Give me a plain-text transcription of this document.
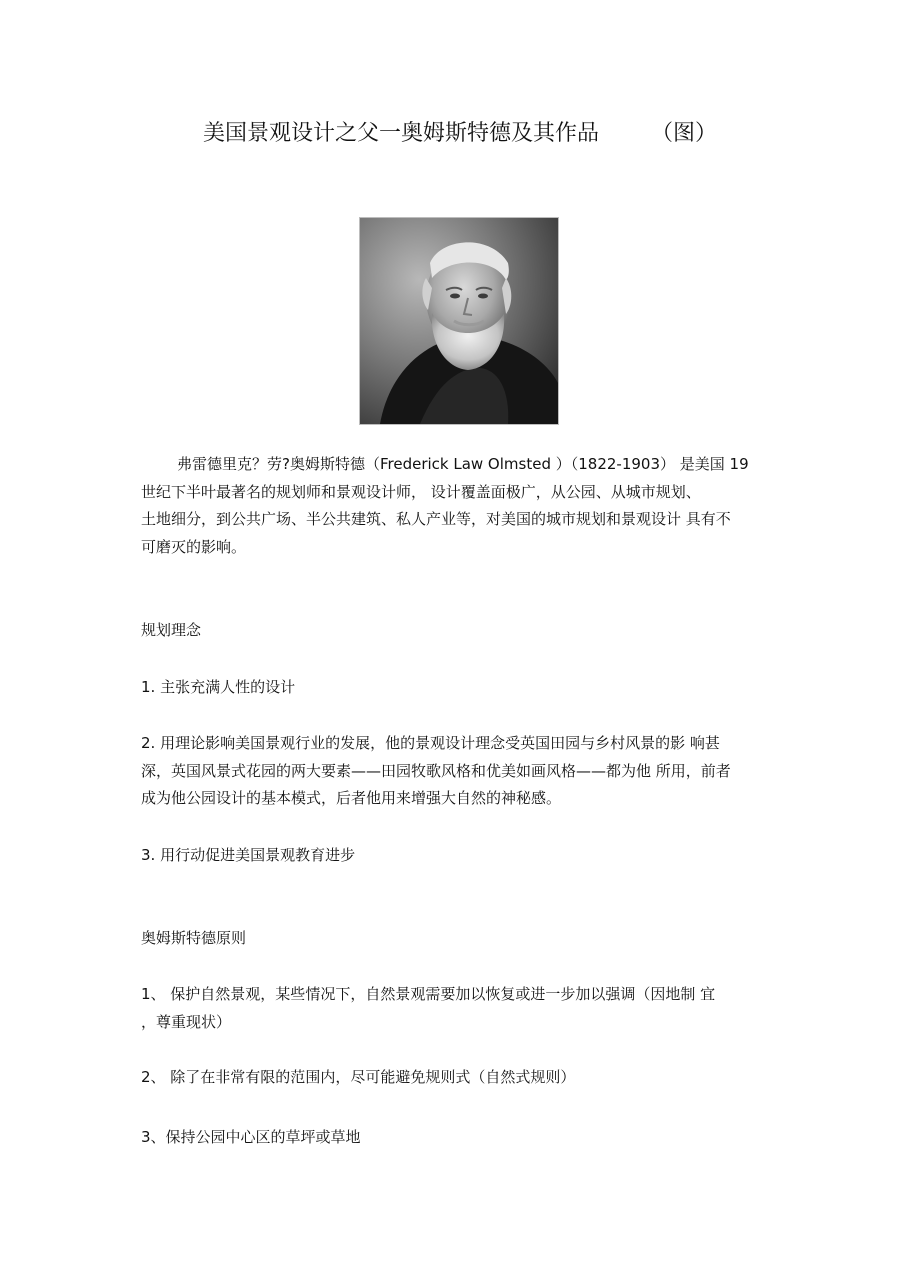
美国景观设计之父一奥姆斯特德及其作品 （图）

弗雷德里克？劳?奥姆斯特德（Frederick Law Olmsted ）（1822-1903） 是美国 19

世纪下半叶最著名的规划师和景观设计师， 设计覆盖面极广，从公园、从城市规划、
土地细分，到公共广场、半公共建筑、私人产业等，对美国的城市规划和景观设计 具有不
可磨灭的影响。

规划理念

1. 主张充满人性的设计

2. 用理论影响美国景观行业的发展，他的景观设计理念受英国田园与乡村风景的影 响甚
深，英国风景式花园的两大要素——田园牧歌风格和优美如画风格——都为他 所用，前者
成为他公园设计的基本模式，后者他用来增强大自然的神秘感。

3. 用行动促进美国景观教育进步

奥姆斯特德原则

1、 保护自然景观，某些情况下，自然景观需要加以恢复或进一步加以强调（因地制 宜
，尊重现状）

2、 除了在非常有限的范围内，尽可能避免规则式（自然式规则）

3、保持公园中心区的草坪或草地
